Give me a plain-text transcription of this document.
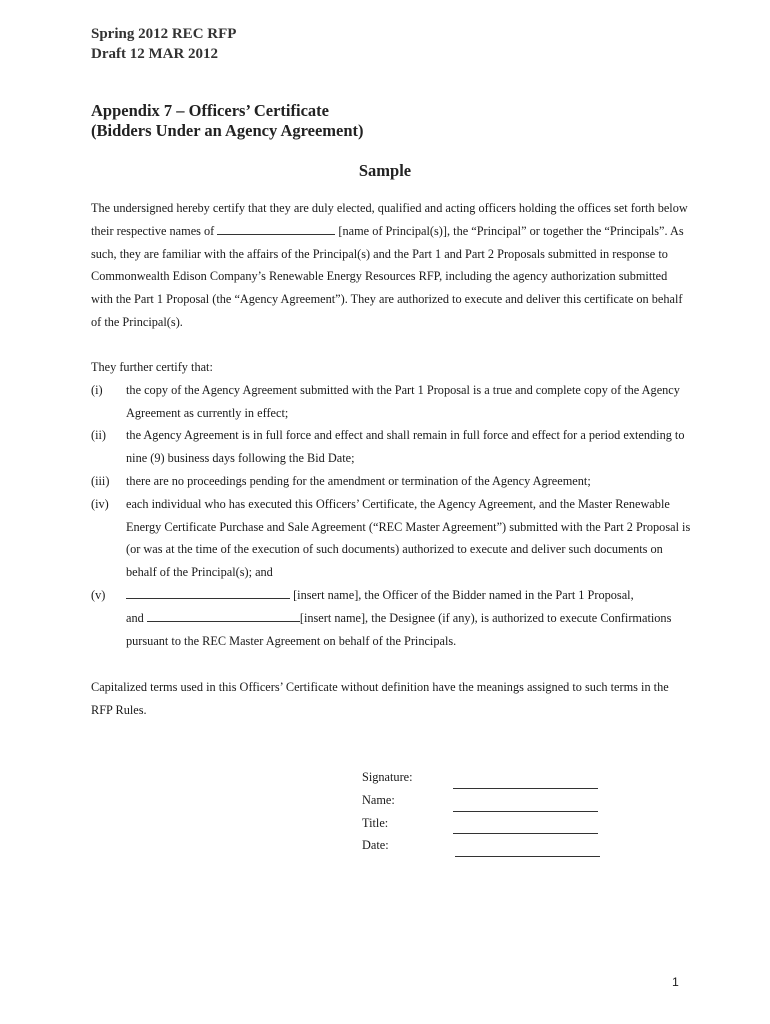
Spring 2012 REC RFP
Draft 12 MAR 2012
Appendix 7 – Officers’ Certificate
(Bidders Under an Agency Agreement)
Sample
The undersigned hereby certify that they are duly elected, qualified and acting officers holding the offices set forth below their respective names of	[name of Principal(s)], the “Principal” or together the “Principals”. As such, they are familiar with the affairs of the Principal(s) and the Part 1 and Part 2 Proposals submitted in response to Commonwealth Edison Company’s Renewable Energy Resources RFP, including the agency authorization submitted with the Part 1 Proposal (the “Agency Agreement”). They are authorized to execute and deliver this certificate on behalf of the Principal(s).
They further certify that:
(i)	the copy of the Agency Agreement submitted with the Part 1 Proposal is a true and complete copy of the Agency Agreement as currently in effect;
(ii)	the Agency Agreement is in full force and effect and shall remain in full force and effect for a period extending to nine (9) business days following the Bid Date;
(iii)	there are no proceedings pending for the amendment or termination of the Agency Agreement;
(iv)	each individual who has executed this Officers’ Certificate, the Agency Agreement, and the Master Renewable Energy Certificate Purchase and Sale Agreement (“REC Master Agreement”) submitted with the Part 2 Proposal is (or was at the time of the execution of such documents) authorized to execute and deliver such documents on behalf of the Principal(s); and
(v)	[insert name], the Officer of the Bidder named in the Part 1 Proposal,
and	[insert name], the Designee (if any), is authorized to execute Confirmations pursuant to the REC Master Agreement on behalf of the Principals.
Capitalized terms used in this Officers’ Certificate without definition have the meanings assigned to such terms in the RFP Rules.
Signature:
Name:
Title:
Date:
1
